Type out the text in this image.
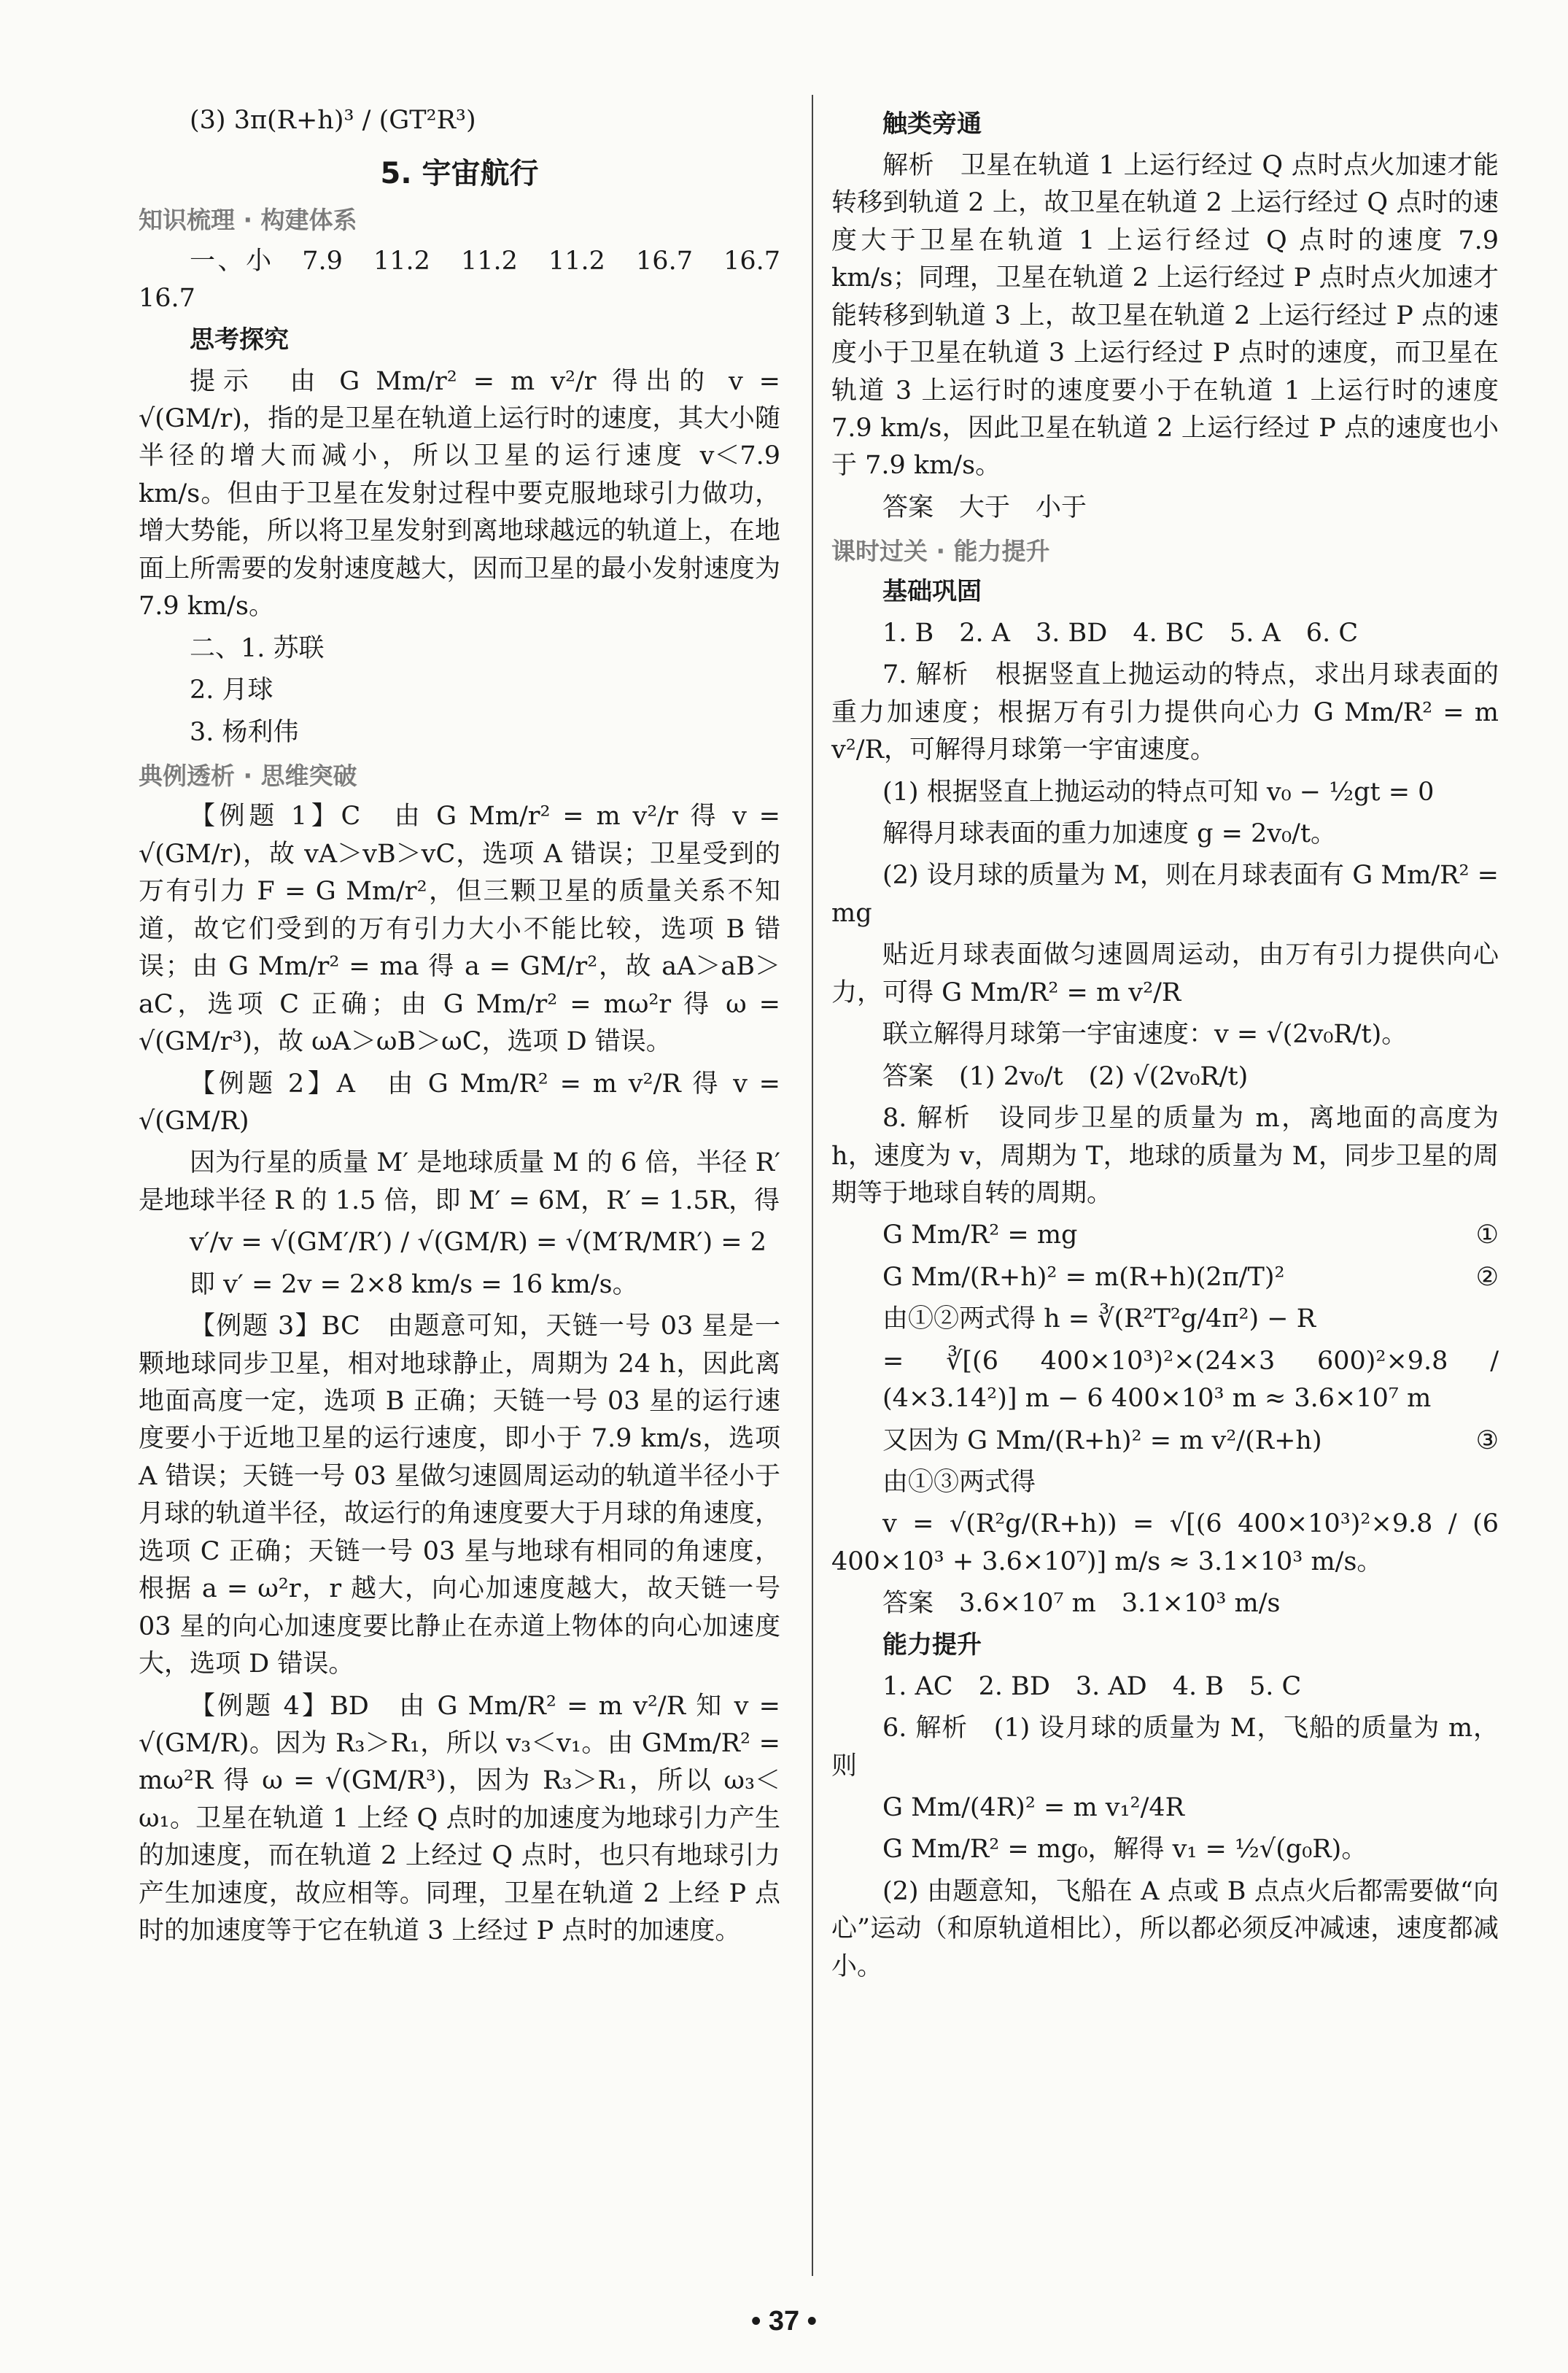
(3) 3π(R+h)³ / (GT²R³)

5. 宇宙航行

知识梳理 · 构建体系

一、小　7.9　11.2　11.2　11.2　16.7　16.7　16.7

思考探究

提示　由 G Mm/r² = m v²/r 得出的 v = √(GM/r)，指的是卫星在轨道上运行时的速度，其大小随半径的增大而减小，所以卫星的运行速度 v＜7.9 km/s。但由于卫星在发射过程中要克服地球引力做功，增大势能，所以将卫星发射到离地球越远的轨道上，在地面上所需要的发射速度越大，因而卫星的最小发射速度为 7.9 km/s。

二、1. 苏联

2. 月球

3. 杨利伟

典例透析 · 思维突破

【例题 1】C　由 G Mm/r² = m v²/r 得 v = √(GM/r)，故 vA＞vB＞vC，选项 A 错误；卫星受到的万有引力 F = G Mm/r²，但三颗卫星的质量关系不知道，故它们受到的万有引力大小不能比较，选项 B 错误；由 G Mm/r² = ma 得 a = GM/r²，故 aA＞aB＞aC，选项 C 正确；由 G Mm/r² = mω²r 得 ω = √(GM/r³)，故 ωA＞ωB＞ωC，选项 D 错误。

【例题 2】A　由 G Mm/R² = m v²/R 得 v = √(GM/R)

因为行星的质量 M′ 是地球质量 M 的 6 倍，半径 R′ 是地球半径 R 的 1.5 倍，即 M′ = 6M，R′ = 1.5R，得

v′/v = √(GM′/R′) / √(GM/R) = √(M′R/MR′) = 2

即 v′ = 2v = 2×8 km/s = 16 km/s。

【例题 3】BC　由题意可知，天链一号 03 星是一颗地球同步卫星，相对地球静止，周期为 24 h，因此离地面高度一定，选项 B 正确；天链一号 03 星的运行速度要小于近地卫星的运行速度，即小于 7.9 km/s，选项 A 错误；天链一号 03 星做匀速圆周运动的轨道半径小于月球的轨道半径，故运行的角速度要大于月球的角速度，选项 C 正确；天链一号 03 星与地球有相同的角速度，根据 a = ω²r，r 越大，向心加速度越大，故天链一号 03 星的向心加速度要比静止在赤道上物体的向心加速度大，选项 D 错误。

【例题 4】BD　由 G Mm/R² = m v²/R 知 v = √(GM/R)。因为 R₃＞R₁，所以 v₃＜v₁。由 GMm/R² = mω²R 得 ω = √(GM/R³)，因为 R₃＞R₁，所以 ω₃＜ω₁。卫星在轨道 1 上经 Q 点时的加速度为地球引力产生的加速度，而在轨道 2 上经过 Q 点时，也只有地球引力产生加速度，故应相等。同理，卫星在轨道 2 上经 P 点时的加速度等于它在轨道 3 上经过 P 点时的加速度。

触类旁通

解析　卫星在轨道 1 上运行经过 Q 点时点火加速才能转移到轨道 2 上，故卫星在轨道 2 上运行经过 Q 点时的速度大于卫星在轨道 1 上运行经过 Q 点时的速度 7.9 km/s；同理，卫星在轨道 2 上运行经过 P 点时点火加速才能转移到轨道 3 上，故卫星在轨道 2 上运行经过 P 点的速度小于卫星在轨道 3 上运行经过 P 点时的速度，而卫星在轨道 3 上运行时的速度要小于在轨道 1 上运行时的速度 7.9 km/s，因此卫星在轨道 2 上运行经过 P 点的速度也小于 7.9 km/s。

答案　大于　小于

课时过关 · 能力提升

基础巩固

1. B　2. A　3. BD　4. BC　5. A　6. C

7. 解析　根据竖直上抛运动的特点，求出月球表面的重力加速度；根据万有引力提供向心力 G Mm/R² = m v²/R，可解得月球第一宇宙速度。

(1) 根据竖直上抛运动的特点可知 v₀ − ½gt = 0

解得月球表面的重力加速度 g = 2v₀/t。

(2) 设月球的质量为 M，则在月球表面有 G Mm/R² = mg

贴近月球表面做匀速圆周运动，由万有引力提供向心力，可得 G Mm/R² = m v²/R

联立解得月球第一宇宙速度：v = √(2v₀R/t)。

答案　(1) 2v₀/t　(2) √(2v₀R/t)

8. 解析　设同步卫星的质量为 m，离地面的高度为 h，速度为 v，周期为 T，地球的质量为 M，同步卫星的周期等于地球自转的周期。

①
G Mm/R² = mg

②
G Mm/(R+h)² = m(R+h)(2π/T)²

由①②两式得 h = ∛(R²T²g/4π²) − R

= ∛[(6 400×10³)²×(24×3 600)²×9.8 / (4×3.14²)] m − 6 400×10³ m ≈ 3.6×10⁷ m

③
又因为 G Mm/(R+h)² = m v²/(R+h)

由①③两式得

v = √(R²g/(R+h)) = √[(6 400×10³)²×9.8 / (6 400×10³ + 3.6×10⁷)] m/s ≈ 3.1×10³ m/s。

答案　3.6×10⁷ m　3.1×10³ m/s

能力提升

1. AC　2. BD　3. AD　4. B　5. C

6. 解析　(1) 设月球的质量为 M，飞船的质量为 m，则

G Mm/(4R)² = m v₁²/4R

G Mm/R² = mg₀，解得 v₁ = ½√(g₀R)。

(2) 由题意知，飞船在 A 点或 B 点点火后都需要做“向心”运动（和原轨道相比），所以都必须反冲减速，速度都减小。

• 37 •
